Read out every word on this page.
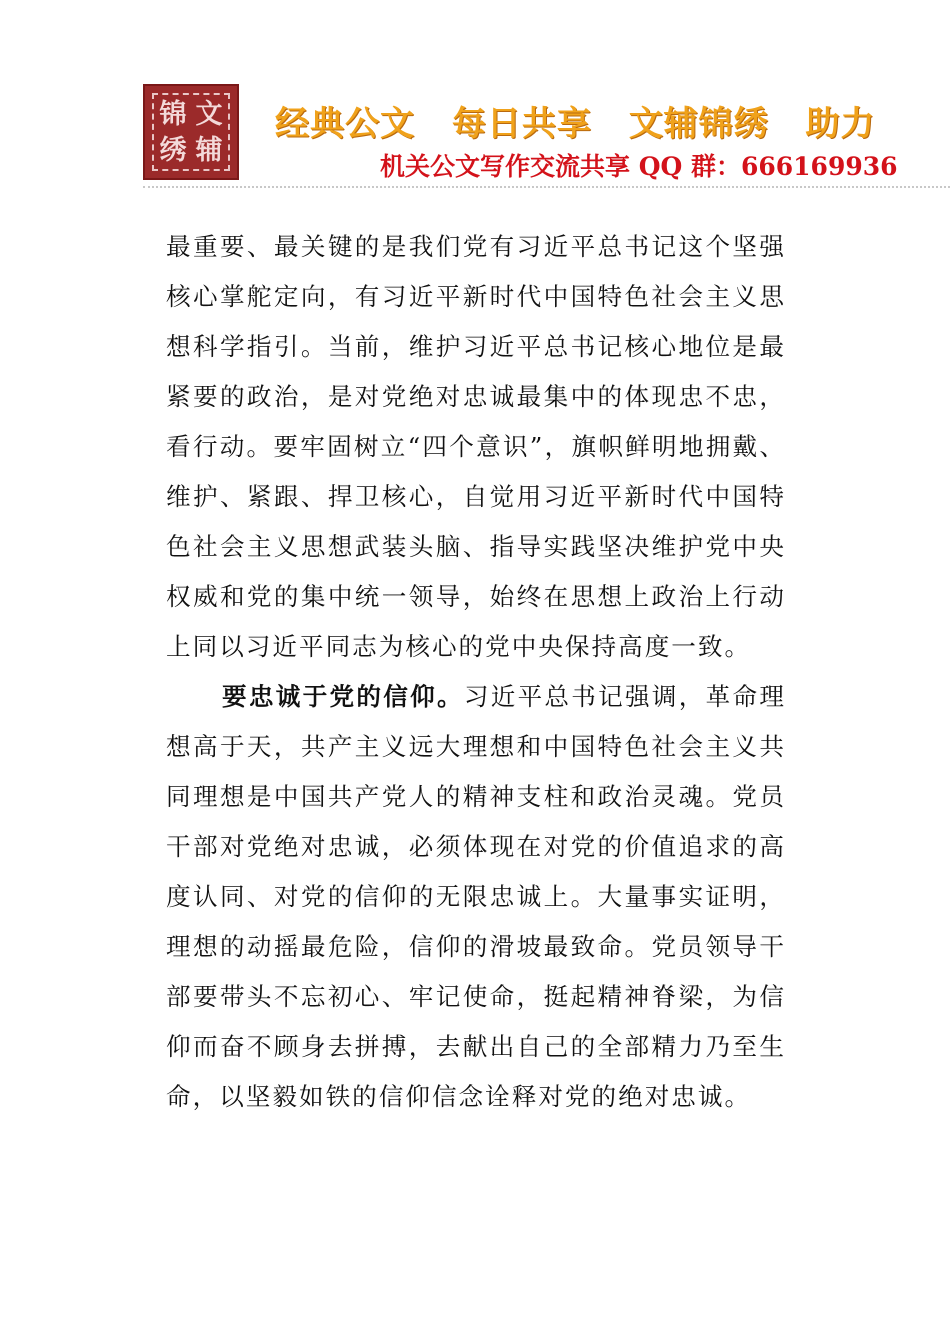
锦 文
绣 辅
经典公文 每日共享 文辅锦绣 助力
机关公文写作交流共享 QQ 群：666169936

最重要、最关键的是我们党有习近平总书记这个坚强核心掌舵定向，有习近平新时代中国特色社会主义思想科学指引。当前，维护习近平总书记核心地位是最紧要的政治，是对党绝对忠诚最集中的体现忠不忠，看行动。要牢固树立“四个意识”，旗帜鲜明地拥戴、维护、紧跟、捍卫核心，自觉用习近平新时代中国特色社会主义思想武装头脑、指导实践坚决维护党中央权威和党的集中统一领导，始终在思想上政治上行动上同以习近平同志为核心的党中央保持高度一致。

要忠诚于党的信仰。习近平总书记强调，革命理想高于天，共产主义远大理想和中国特色社会主义共同理想是中国共产党人的精神支柱和政治灵魂。党员干部对党绝对忠诚，必须体现在对党的价值追求的高度认同、对党的信仰的无限忠诚上。大量事实证明，理想的动摇最危险，信仰的滑坡最致命。党员领导干部要带头不忘初心、牢记使命，挺起精神脊梁，为信仰而奋不顾身去拼搏，去献出自己的全部精力乃至生命，以坚毅如铁的信仰信念诠释对党的绝对忠诚。
